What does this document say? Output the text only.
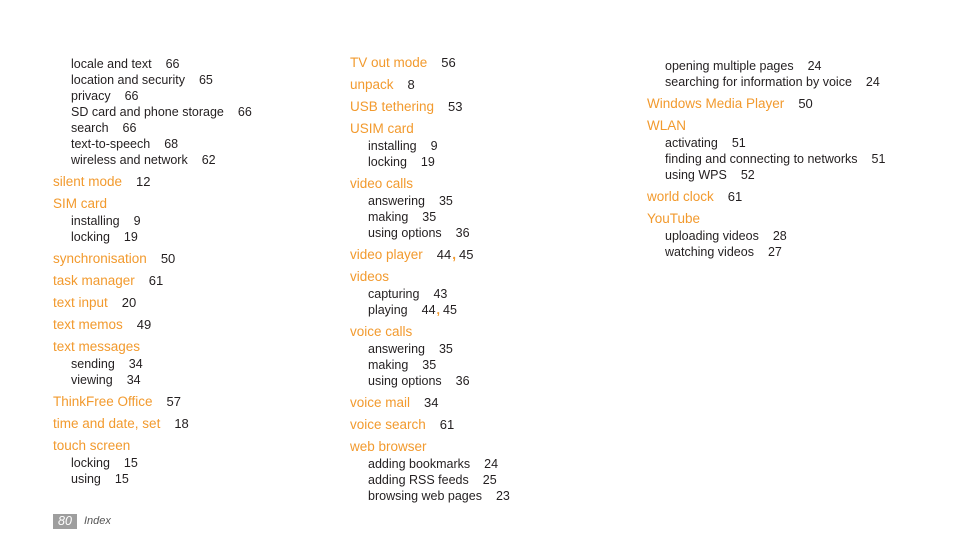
locale and text 66
location and security 65
privacy 66
SD card and phone storage 66
search 66
text-to-speech 68
wireless and network 62
silent mode 12
SIM card
installing 9
locking 19
synchronisation 50
task manager 61
text input 20
text memos 49
text messages
sending 34
viewing 34
ThinkFree Office 57
time and date, set 18
touch screen
locking 15
using 15
TV out mode 56
unpack 8
USB tethering 53
USIM card
installing 9
locking 19
video calls
answering 35
making 35
using options 36
video player 44, 45
videos
capturing 43
playing 44, 45
voice calls
answering 35
making 35
using options 36
voice mail 34
voice search 61
web browser
adding bookmarks 24
adding RSS feeds 25
browsing web pages 23
opening multiple pages 24
searching for information by voice 24
Windows Media Player 50
WLAN
activating 51
finding and connecting to networks 51
using WPS 52
world clock 61
YouTube
uploading videos 28
watching videos 27
80	Index
